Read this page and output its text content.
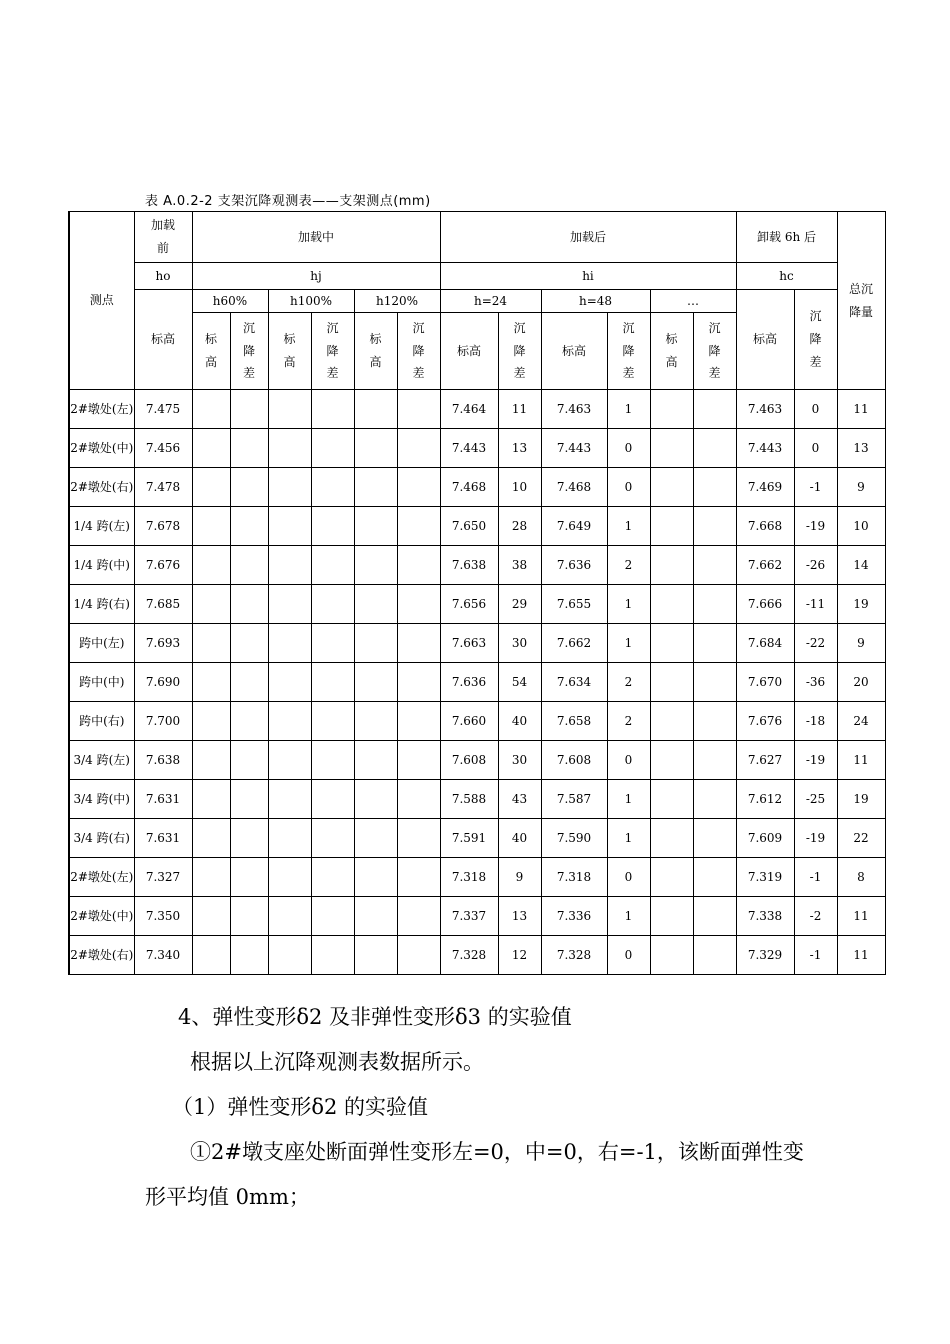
表 A.0.2-2 支架沉降观测表——支架测点(mm)
测点	加载前	加载中						加载后						卸载 6h 后		总沉降量
	ho	hj						hi						hc		
	标高	h60%		h100%		h120%		h=24		h=48		…		标高	沉降差	
		标高	沉降差	标高	沉降差	标高	沉降差	标高	沉降差	标高	沉降差	标高	沉降差			
2#墩处(左)	7.475							7.464	11	7.463	1			7.463	0	11
2#墩处(中)	7.456							7.443	13	7.443	0			7.443	0	13
2#墩处(右)	7.478							7.468	10	7.468	0			7.469	-1	9
1/4 跨(左)	7.678							7.650	28	7.649	1			7.668	-19	10
1/4 跨(中)	7.676							7.638	38	7.636	2			7.662	-26	14
1/4 跨(右)	7.685							7.656	29	7.655	1			7.666	-11	19
跨中(左)	7.693							7.663	30	7.662	1			7.684	-22	9
跨中(中)	7.690							7.636	54	7.634	2			7.670	-36	20
跨中(右)	7.700							7.660	40	7.658	2			7.676	-18	24
3/4 跨(左)	7.638							7.608	30	7.608	0			7.627	-19	11
3/4 跨(中)	7.631							7.588	43	7.587	1			7.612	-25	19
3/4 跨(右)	7.631							7.591	40	7.590	1			7.609	-19	22
2#墩处(左)	7.327							7.318	9	7.318	0			7.319	-1	8
2#墩处(中)	7.350							7.337	13	7.336	1			7.338	-2	11
2#墩处(右)	7.340							7.328	12	7.328	0			7.329	-1	11
4、弹性变形δ2 及非弹性变形δ3 的实验值
根据以上沉降观测表数据所示。
（1）弹性变形δ2 的实验值
①2#墩支座处断面弹性变形左=0，中=0，右=-1，该断面弹性变
形平均值 0mm；
